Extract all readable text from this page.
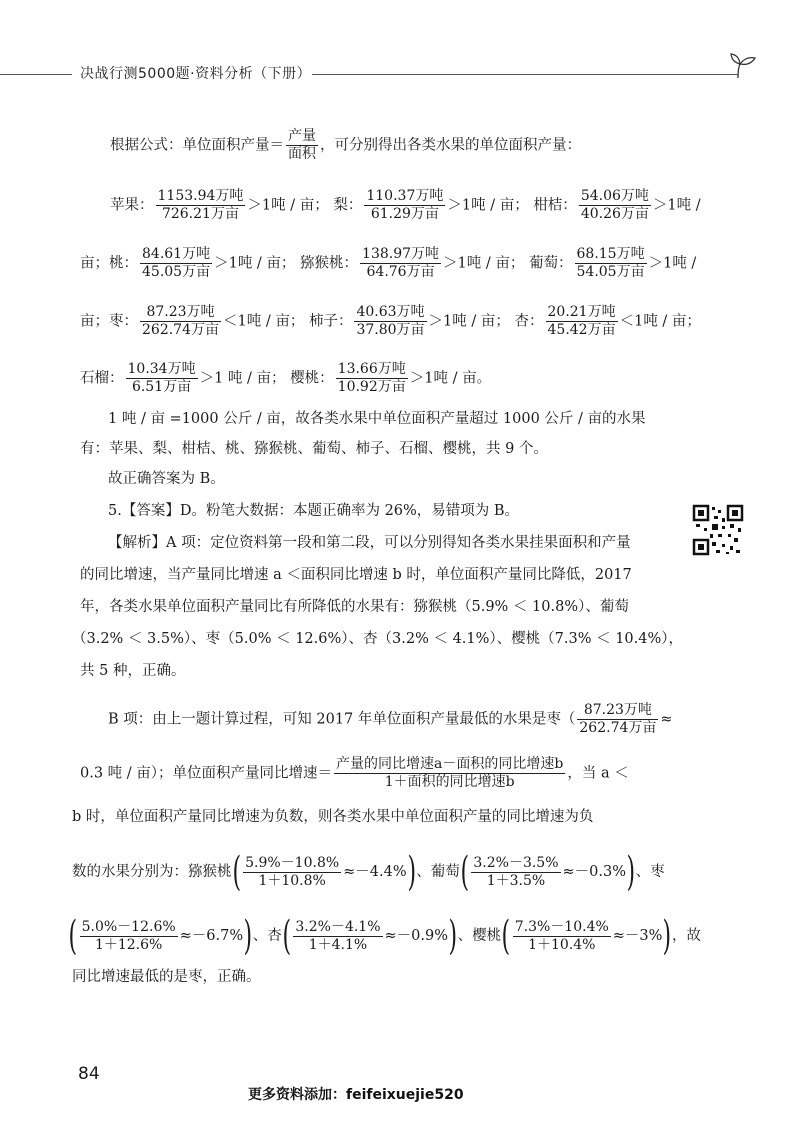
决战行测5000题·资料分析（下册）
根据公式：单位面积产量＝ $\frac{\text{产量}}{\text{面积}}$ ，可分别得出各类水果的单位面积产量：
苹果： $\frac{\text{1153.94万吨}}{\text{726.21万亩}} >1$吨 / 亩； 梨： $\frac{\text{110.37万吨}}{\text{61.29万亩}} >1$吨 / 亩； 柑桔： $\frac{\text{54.06万吨}}{\text{40.26万亩}} >1$吨 /
亩；桃： $\frac{\text{84.61万吨}}{\text{45.05万亩}} >1$吨 / 亩； 猕猴桃： $\frac{\text{138.97万吨}}{\text{64.76万亩}} >1$吨 / 亩； 葡萄： $\frac{\text{68.15万吨}}{\text{54.05万亩}} >1$吨 /
亩；枣： $\frac{\text{87.23万吨}}{\text{262.74万亩}} <1$吨 / 亩； 柿子： $\frac{\text{40.63万吨}}{\text{37.80万亩}} >1$吨 / 亩； 杏： $\frac{\text{20.21万吨}}{\text{45.42万亩}} <1$吨 / 亩；
石榴： $\frac{\text{10.34万吨}}{\text{6.51万亩}} >1$ 吨 / 亩； 樱桃： $\frac{\text{13.66万吨}}{\text{10.92万亩}} >1$吨 / 亩。
1 吨 / 亩 =1000 公斤 / 亩，故各类水果中单位面积产量超过 1000 公斤 / 亩的水果
有：苹果、梨、柑桔、桃、猕猴桃、葡萄、柿子、石榴、樱桃，共 9 个。
故正确答案为 B。
5.【答案】D。粉笔大数据：本题正确率为 26%，易错项为 B。
【解析】A 项：定位资料第一段和第二段，可以分别得知各类水果挂果面积和产量
的同比增速，当产量同比增速 a ＜面积同比增速 b 时，单位面积产量同比降低，2017
年，各类水果单位面积产量同比有所降低的水果有：猕猴桃（5.9% ＜ 10.8%）、葡萄
（3.2% ＜ 3.5%）、枣（5.0% ＜ 12.6%）、杏（3.2% ＜ 4.1%）、樱桃（7.3% ＜ 10.4%），
共 5 种，正确。
B 项：由上一题计算过程，可知 2017 年单位面积产量最低的水果是枣（ $\frac{\text{87.23万吨}}{\text{262.74万亩}}$ ≈
0.3 吨 / 亩）；单位面积产量同比增速＝ $\frac{\text{产量的同比增速a－面积的同比增速b}}{\text{1＋面积的同比增速b}}$ ，当 a ＜
b 时，单位面积产量同比增速为负数，则各类水果中单位面积产量的同比增速为负
数的水果分别为：猕猴桃( $\frac{5.9\%-10.8\%}{1+10.8\%} \approx-4.4\%$)、葡萄( $\frac{3.2\%-3.5\%}{1+3.5\%} \approx-0.3\%$)、枣
( $\frac{5.0\%-12.6\%}{1+12.6\%} \approx-6.7\%$)、杏( $\frac{3.2\%-4.1\%}{1+4.1\%} \approx-0.9\%$)、樱桃( $\frac{7.3\%-10.4\%}{1+10.4\%} \approx-3\%$)，故
同比增速最低的是枣，正确。
84
更多资料添加：feifeixuejie520
